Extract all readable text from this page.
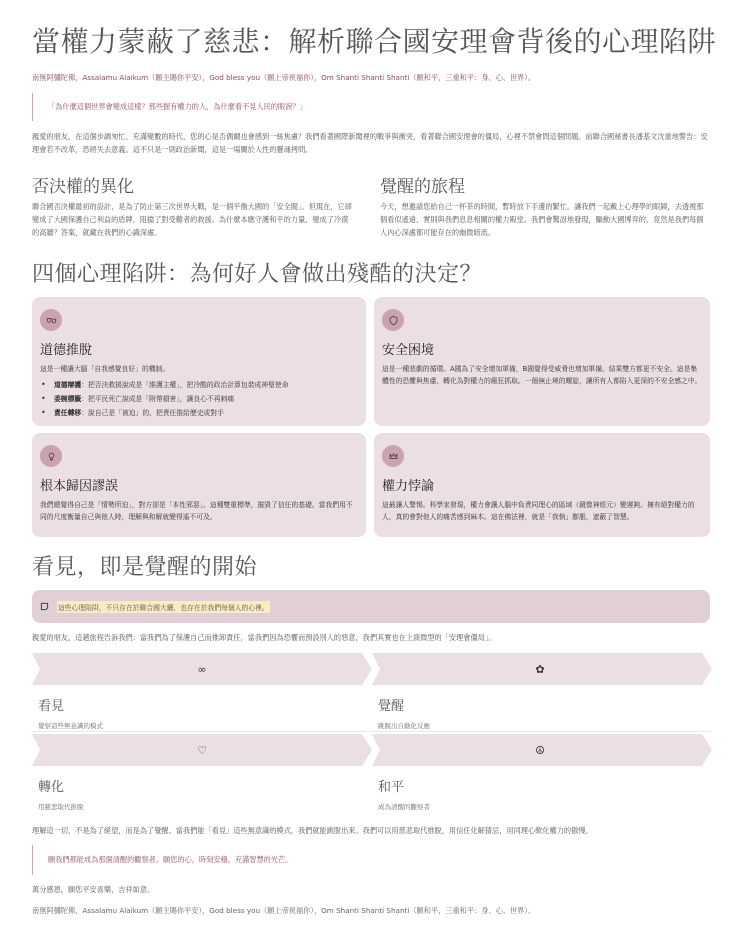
當權力蒙蔽了慈悲：解析聯合國安理會背後的心理陷阱

南無阿彌陀佛，Assalamu Alaikum（願主賜你平安），God bless you（願上帝祝福你），Om Shanti Shanti Shanti（願和平，三重和平：身、心、世界）。

「為什麼這個世界會變成這樣？那些握有權力的人，為什麼看不見人民的眼淚？」

親愛的朋友，在這個步調匆忙、充滿變數的時代，您的心是否偶爾也會感到一絲焦慮？我們看著國際新聞裡的戰爭與衝突，看著聯合國安理會的僵局，心裡不禁會問這個問題。前聯合國秘書長潘基文沈重地警告：安理會若不改革，恐將失去意義。這不只是一則政治新聞，這是一場關於人性的靈魂拷問。

否決權的異化

聯合國否決權最初的設計，是為了防止第三次世界大戰，是一個平衡大國的「安全閥」。但現在，它卻變成了大國保護自己利益的盾牌，阻擋了對受難者的救援。為什麼本應守護和平的力量，變成了冷漠的高牆？答案，就藏在我們的心識深處。

覺醒的旅程

今天，想邀請您給自己一杯茶的時間，暫時放下手邊的繁忙。讓我們一起戴上心理學的眼鏡，去透視那個看似遙遠、實則與我們息息相關的權力殿堂。我們會驚訝地發現，驅動大國博弈的，竟然是我們每個人內心深處都可能存在的幽微暗流。

四個心理陷阱：為何好人會做出殘酷的決定？
道德推脫
這是一種讓大腦「自我感覺良好」的機制。
• 道德辯護：把否決救援說成是「維護主權」，把冷酷的政治計算包裝成神聖使命
• 委婉標籤：把平民死亡說成是「附帶損害」，讓良心不再刺痛
• 責任轉移：說自己是「被迫」的，把責任推給歷史或對手
安全困境
這是一種悲劇的循環。A國為了安全增加軍備，B國覺得受威脅也增加軍備。結果雙方都更不安全。這是集體性的恐懼與焦慮，轉化為對權力的瘋狂抓取。一個無止境的螺旋，讓所有人都陷入更深的不安全感之中。
根本歸因謬誤
我們總覺得自己是「情勢所迫」，對方卻是「本性邪惡」。這種雙重標準，摧毀了信任的基礎。當我們用不同的尺度衡量自己與他人時，理解與和解就變得遙不可及。
權力悖論
這最讓人警惕。科學家發現，權力會讓人腦中負責同理心的區域（鏡像神經元）變遲鈍。擁有絕對權力的人，真的會對他人的痛苦感到麻木。這在佛法裡，就是「我執」膨脹，遮蔽了智慧。
看見，即是覺醒的開始
這些心理陷阱，不只存在於聯合國大廳，也存在於我們每個人的心裡。

親愛的朋友，這趟旅程告訴我們：當我們為了保護自己而推卸責任，當我們因為恐懼而預設別人的惡意，我們其實也在上演微型的「安理會僵局」。

∞
看見
覺察這些無意識的模式
✿
覺醒
跳脫出自動化反應
♡
轉化
用慈悲取代推脫
☮
和平
成為清醒的觀察者

理解這一切，不是為了絕望，而是為了覺醒。當我們能「看見」這些無意識的模式，我們就能跳脫出來。我們可以用慈悲取代推脫，用信任化解猜忌，用同理心軟化權力的傲慢。

願我們都能成為那個清醒的觀察者。願您的心，時刻安穩，充滿智慧的光芒。

萬分感恩，願您平安喜樂，吉祥如意。

南無阿彌陀佛，Assalamu Alaikum（願主賜你平安），God bless you（願上帝祝福你），Om Shanti Shanti Shanti（願和平，三重和平：身、心、世界）。
